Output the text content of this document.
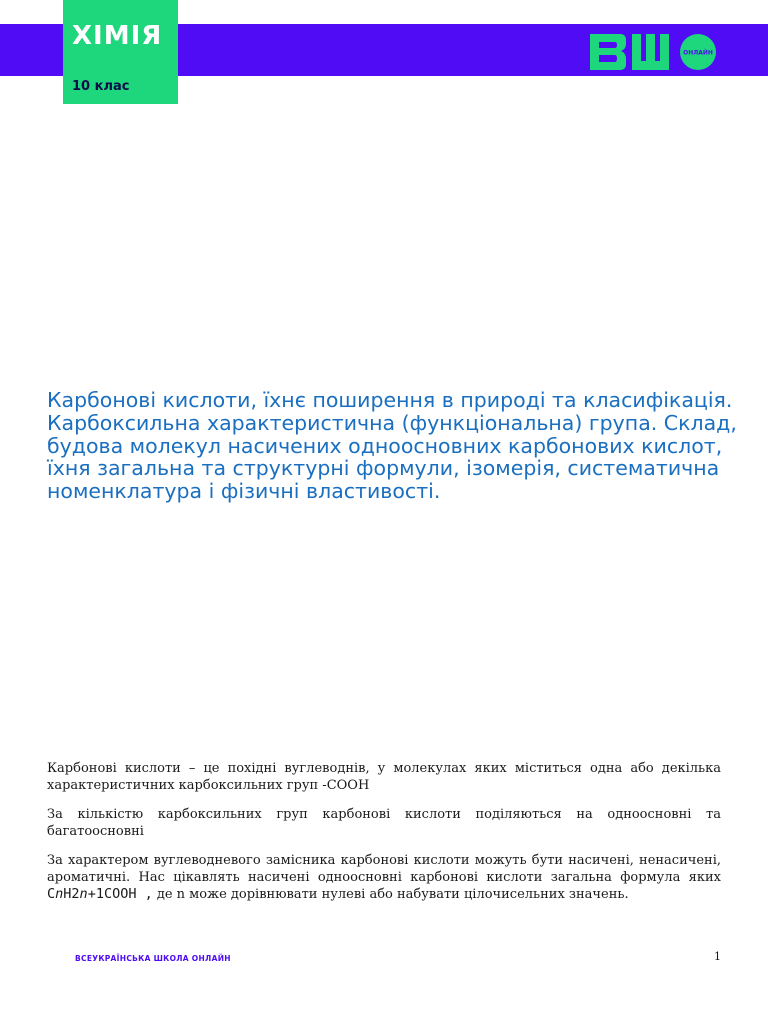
ХІМІЯ
10 клас
ОНЛАЙН
Карбонові кислоти, їхнє поширення в природі та класифікація. Карбоксильна характеристична (функціональна) група. Склад, будова молекул насичених одноосновних карбонових кислот, їхня загальна та структурні формули, ізомерія, систематична номенклатура і фізичні властивості.

Карбонові кислоти – це похідні вуглеводнів, у молекулах яких міститься одна або декілька характеристичних карбоксильних груп -СООН

За кількістю карбоксильних груп карбонові кислоти поділяються на одноосновні та багатоосновні

За характером вуглеводневого замісника карбонові кислоти можуть бути насичені, ненасичені, ароматичні. Нас цікавлять насичені одноосновні карбонові кислоти загальна формула яких CnH2n+1COOH , де n може дорівнювати нулеві або набувати цілочисельних значень.

ВСЕУКРАЇНСЬКА ШКОЛА ОНЛАЙН	1
